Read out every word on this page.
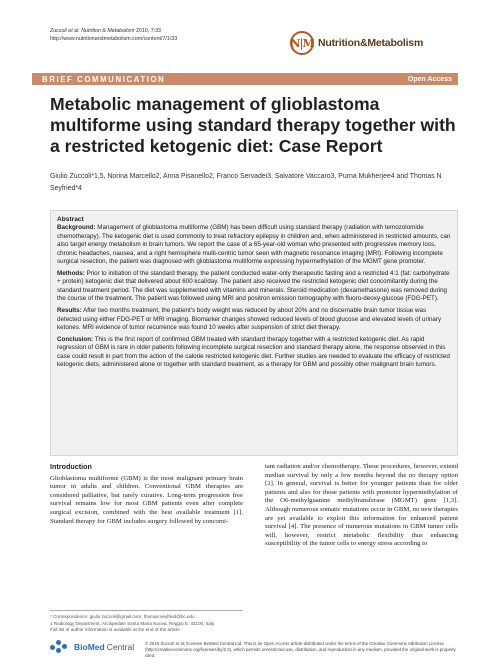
Zuccoli et al. Nutrition & Metabolism 2010, 7:33
http://www.nutritionandmetabolism.com/content/7/1/33	N|M Nutrition&Metabolism
BRIEF COMMUNICATION	Open Access
Metabolic management of glioblastoma multiforme using standard therapy together with a restricted ketogenic diet: Case Report
Giulio Zuccoli*1,5, Norina Marcello2, Anna Pisanello2, Franco Servadei3, Salvatore Vaccaro3, Purna Mukherjee4 and Thomas N Seyfried*4
Abstract

Background: Management of glioblastoma multiforme (GBM) has been difficult using standard therapy (radiation with temozolomide chemotherapy). The ketogenic diet is used commonly to treat refractory epilepsy in children and, when administered in restricted amounts, can also target energy metabolism in brain tumors. We report the case of a 65-year-old woman who presented with progressive memory loss, chronic headaches, nausea, and a right hemisphere multi-centric tumor seen with magnetic resonance imaging (MRI). Following incomplete surgical resection, the patient was diagnosed with glioblastoma multiforme expressing hypermethylation of the MGMT gene promoter.

Methods: Prior to initiation of the standard therapy, the patient conducted water-only therapeutic fasting and a restricted 4:1 (fat: carbohydrate + protein) ketogenic diet that delivered about 600 kcal/day. The patient also received the restricted ketogenic diet concomitantly during the standard treatment period. The diet was supplemented with vitamins and minerals. Steroid medication (dexamethasone) was removed during the course of the treatment. The patient was followed using MRI and positron emission tomography with fluoro-deoxy-glucose (FDG-PET).

Results: After two months treatment, the patient's body weight was reduced by about 20% and no discernable brain tumor tissue was detected using either FDG-PET or MRI imaging. Biomarker changes showed reduced levels of blood glucose and elevated levels of urinary ketones. MRI evidence of tumor recurrence was found 10 weeks after suspension of strict diet therapy.

Conclusion: This is the first report of confirmed GBM treated with standard therapy together with a restricted ketogenic diet. As rapid regression of GBM is rare in older patients following incomplete surgical resection and standard therapy alone, the response observed in this case could result in part from the action of the calorie restricted ketogenic diet. Further studies are needed to evaluate the efficacy of restricted ketogenic diets, administered alone or together with standard treatment, as a therapy for GBM and possibly other malignant brain tumors.

Introduction
Glioblastoma multiforme (GBM) is the most malignant primary brain tumor in adults and children. Conventional GBM therapies are considered palliative, but rarely curative. Long-term progression free survival remains low for most GBM patients even after complete surgical excision, combined with the best available treatment [1]. Standard therapy for GBM includes surgery followed by concomi-
tant radiation and/or chemotherapy. These procedures, however, extend median survival by only a few months beyond the no therapy option [2]. In general, survival is better for younger patients than for older patients and also for those patients with promoter hypermethylation of the O6-methylguanine methyltransferase (MGMT) gene [1,3]. Although numerous somatic mutations occur in GBM, no new therapies are yet available to exploit this information for enhanced patient survival [4]. The presence of numerous mutations in GBM tumor cells will, however, restrict metabolic flexibility thus enhancing susceptibility of the tumor cells to energy stress according to
* Correspondence: giulio.zuccoli@gmail.com, thomas.seyfried@bc.edu
1 Radiology Department, Arcispedale Santa Maria Nuova, Reggio E. 42100, Italy
Full list of author information is available at the end of the article
BioMed Central © 2010 Zuccoli et al; licensee BioMed Central Ltd. This is an Open Access article distributed under the terms of the Creative Commons Attribution License (http://creativecommons.org/licenses/by/2.0), which permits unrestricted use, distribution, and reproduction in any medium, provided the original work is properly cited.
